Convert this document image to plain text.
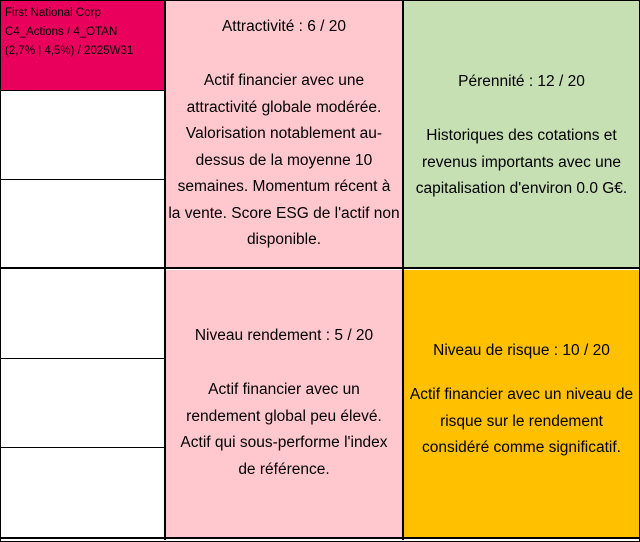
First National Corp
C4_Actions / 4_OTAN
(2,7% | 4,5%) / 2025W31
Attractivité : 6 / 20
Actif financier avec une
attractivité globale modérée.
Valorisation notablement au-
dessus de la moyenne 10
semaines. Momentum récent à
la vente. Score ESG de l'actif non
disponible.
Pérennité : 12 / 20
Historiques des cotations et
revenus importants avec une
capitalisation d'environ 0.0 G€.
Niveau rendement : 5 / 20
Actif financier avec un
rendement global peu élevé.
Actif qui sous-performe l'index
de référence.
Niveau de risque : 10 / 20
Actif financier avec un niveau de
risque sur le rendement
considéré comme significatif.
